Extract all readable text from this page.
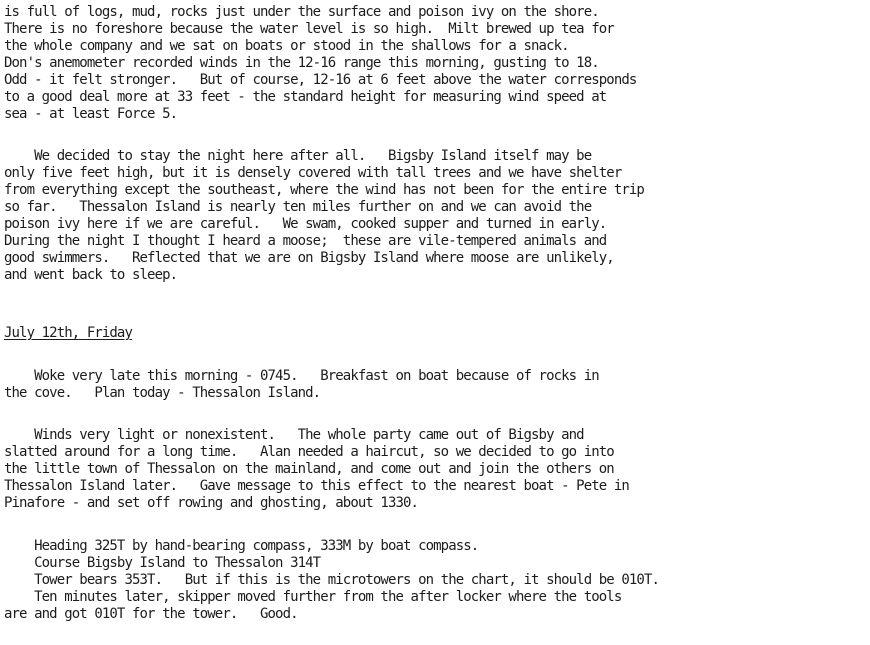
is full of logs, mud, rocks just under the surface and poison ivy on the shore.
There is no foreshore because the water level is so high.  Milt brewed up tea for
the whole company and we sat on boats or stood in the shallows for a snack.
Don's anemometer recorded winds in the 12-16 range this morning, gusting to 18.
Odd - it felt stronger.   But of course, 12-16 at 6 feet above the water corresponds
to a good deal more at 33 feet - the standard height for measuring wind speed at
sea - at least Force 5.
We decided to stay the night here after all.   Bigsby Island itself may be
only five feet high, but it is densely covered with tall trees and we have shelter
from everything except the southeast, where the wind has not been for the entire trip
so far.   Thessalon Island is nearly ten miles further on and we can avoid the
poison ivy here if we are careful.   We swam, cooked supper and turned in early.
During the night I thought I heard a moose;  these are vile-tempered animals and
good swimmers.   Reflected that we are on Bigsby Island where moose are unlikely,
and went back to sleep.
July 12th, Friday
Woke very late this morning - 0745.   Breakfast on boat because of rocks in
the cove.   Plan today - Thessalon Island.
Winds very light or nonexistent.   The whole party came out of Bigsby and
slatted around for a long time.   Alan needed a haircut, so we decided to go into
the little town of Thessalon on the mainland, and come out and join the others on
Thessalon Island later.   Gave message to this effect to the nearest boat - Pete in
Pinafore - and set off rowing and ghosting, about 1330.
Heading 325T by hand-bearing compass, 333M by boat compass.
Course Bigsby Island to Thessalon 314T
Tower bears 353T.   But if this is the microtowers on the chart, it should be 010T.
Ten minutes later, skipper moved further from the after locker where the tools
are and got 010T for the tower.   Good.
